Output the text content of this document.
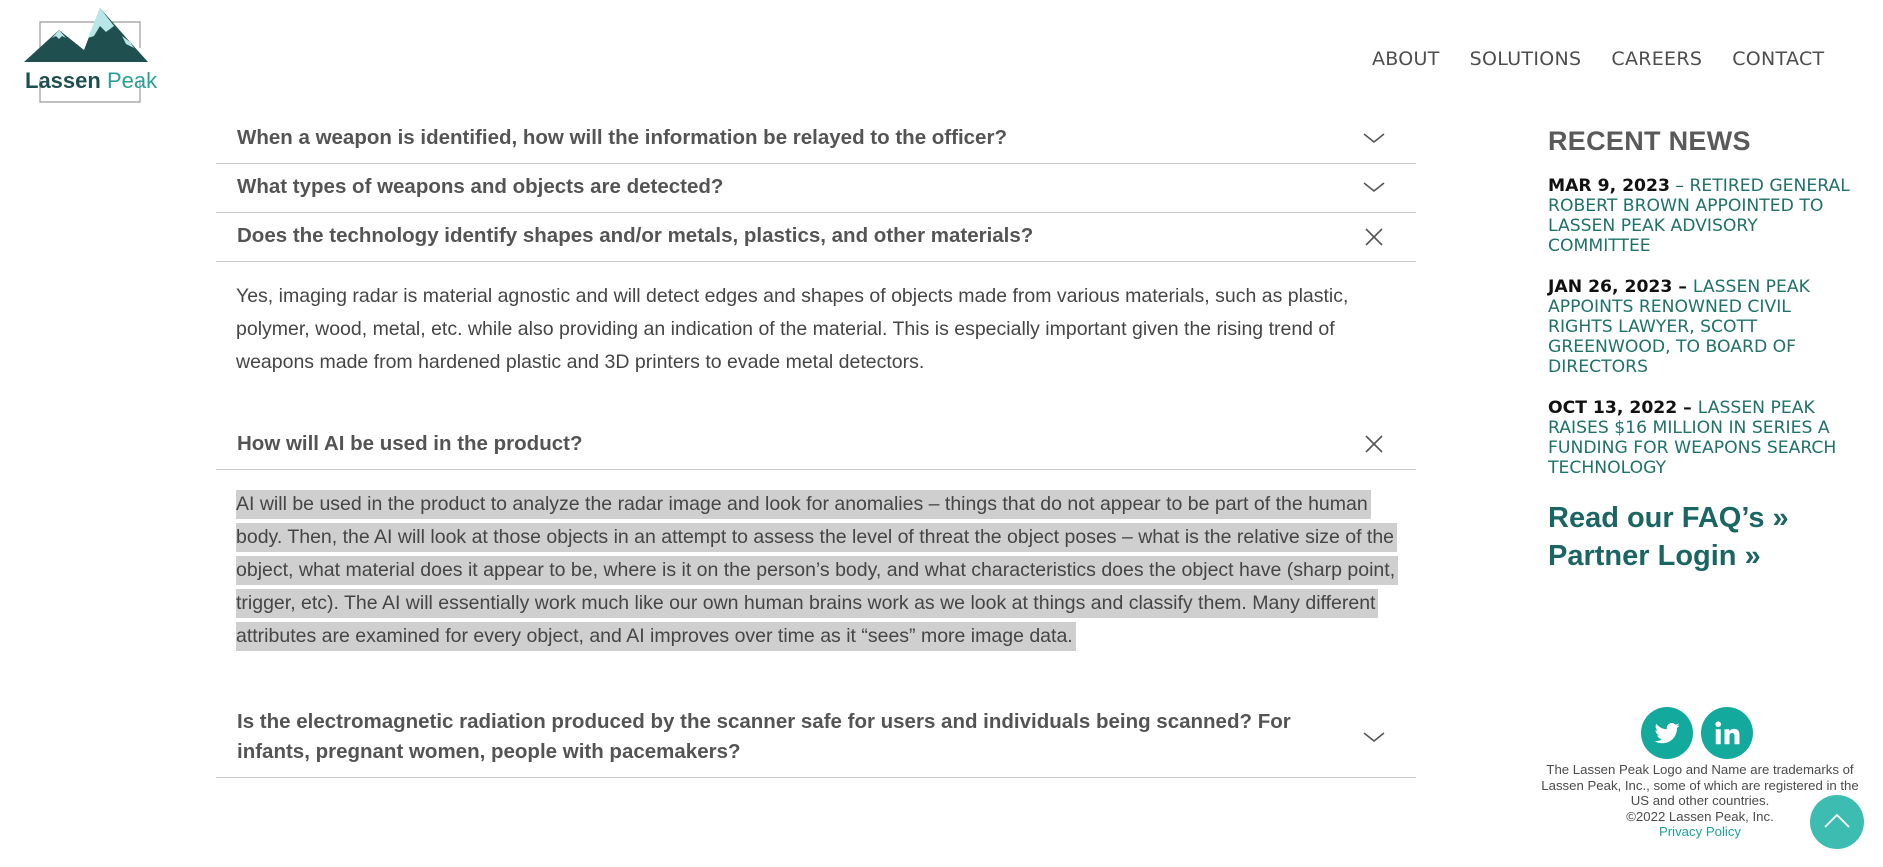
Lassen Peak
ABOUT SOLUTIONS CAREERS CONTACT
When a weapon is identified, how will the information be relayed to the officer?
What types of weapons and objects are detected?
Does the technology identify shapes and/or metals, plastics, and other materials?
Yes, imaging radar is material agnostic and will detect edges and shapes of objects made from various materials, such as plastic, polymer, wood, metal, etc. while also providing an indication of the material. This is especially important given the rising trend of weapons made from hardened plastic and 3D printers to evade metal detectors.
How will AI be used in the product?
AI will be used in the product to analyze the radar image and look for anomalies – things that do not appear to be part of the human body. Then, the AI will look at those objects in an attempt to assess the level of threat the object poses – what is the relative size of the object, what material does it appear to be, where is it on the person’s body, and what characteristics does the object have (sharp point, trigger, etc). The AI will essentially work much like our own human brains work as we look at things and classify them. Many different attributes are examined for every object, and AI improves over time as it “sees” more image data.
Is the electromagnetic radiation produced by the scanner safe for users and individuals being scanned? For infants, pregnant women, people with pacemakers?
RECENT NEWS
MAR 9, 2023 – RETIRED GENERAL ROBERT BROWN APPOINTED TO LASSEN PEAK ADVISORY COMMITTEE
JAN 26, 2023 – LASSEN PEAK APPOINTS RENOWNED CIVIL RIGHTS LAWYER, SCOTT GREENWOOD, TO BOARD OF DIRECTORS
OCT 13, 2022 – LASSEN PEAK RAISES $16 MILLION IN SERIES A FUNDING FOR WEAPONS SEARCH TECHNOLOGY
Read our FAQ’s »
Partner Login »
The Lassen Peak Logo and Name are trademarks of Lassen Peak, Inc., some of which are registered in the US and other countries.
©2022 Lassen Peak, Inc.
Privacy Policy
